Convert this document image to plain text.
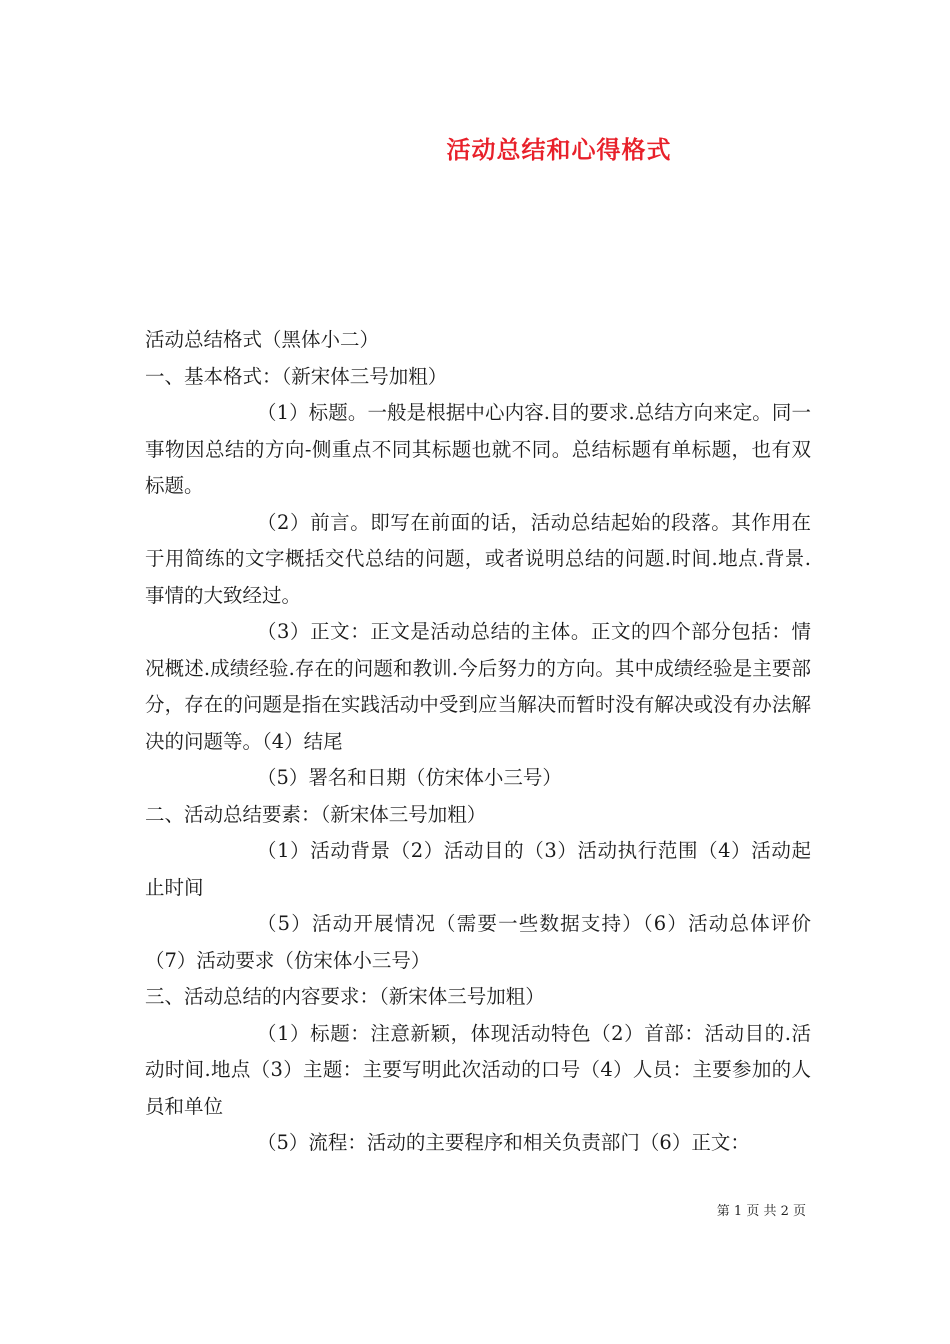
活动总结和心得格式

活动总结格式（黑体小二）

一、基本格式：（新宋体三号加粗）

（1）标题。一般是根据中心内容.目的要求.总结方向来定。同一事物因总结的方向-侧重点不同其标题也就不同。总结标题有单标题，也有双标题。

（2）前言。即写在前面的话，活动总结起始的段落。其作用在于用简练的文字概括交代总结的问题，或者说明总结的问题.时间.地点.背景.事情的大致经过。

（3）正文：正文是活动总结的主体。正文的四个部分包括：情况概述.成绩经验.存在的问题和教训.今后努力的方向。其中成绩经验是主要部分，存在的问题是指在实践活动中受到应当解决而暂时没有解决或没有办法解决的问题等。（4）结尾

（5）署名和日期（仿宋体小三号）

二、活动总结要素：（新宋体三号加粗）

（1）活动背景（2）活动目的（3）活动执行范围（4）活动起止时间

（5）活动开展情况（需要一些数据支持）（6）活动总体评价（7）活动要求（仿宋体小三号）

三、活动总结的内容要求：（新宋体三号加粗）

（1）标题：注意新颖，体现活动特色（2）首部：活动目的.活动时间.地点（3）主题：主要写明此次活动的口号（4）人员：主要参加的人员和单位

（5）流程：活动的主要程序和相关负责部门（6）正文：

第 1 页 共 2 页
